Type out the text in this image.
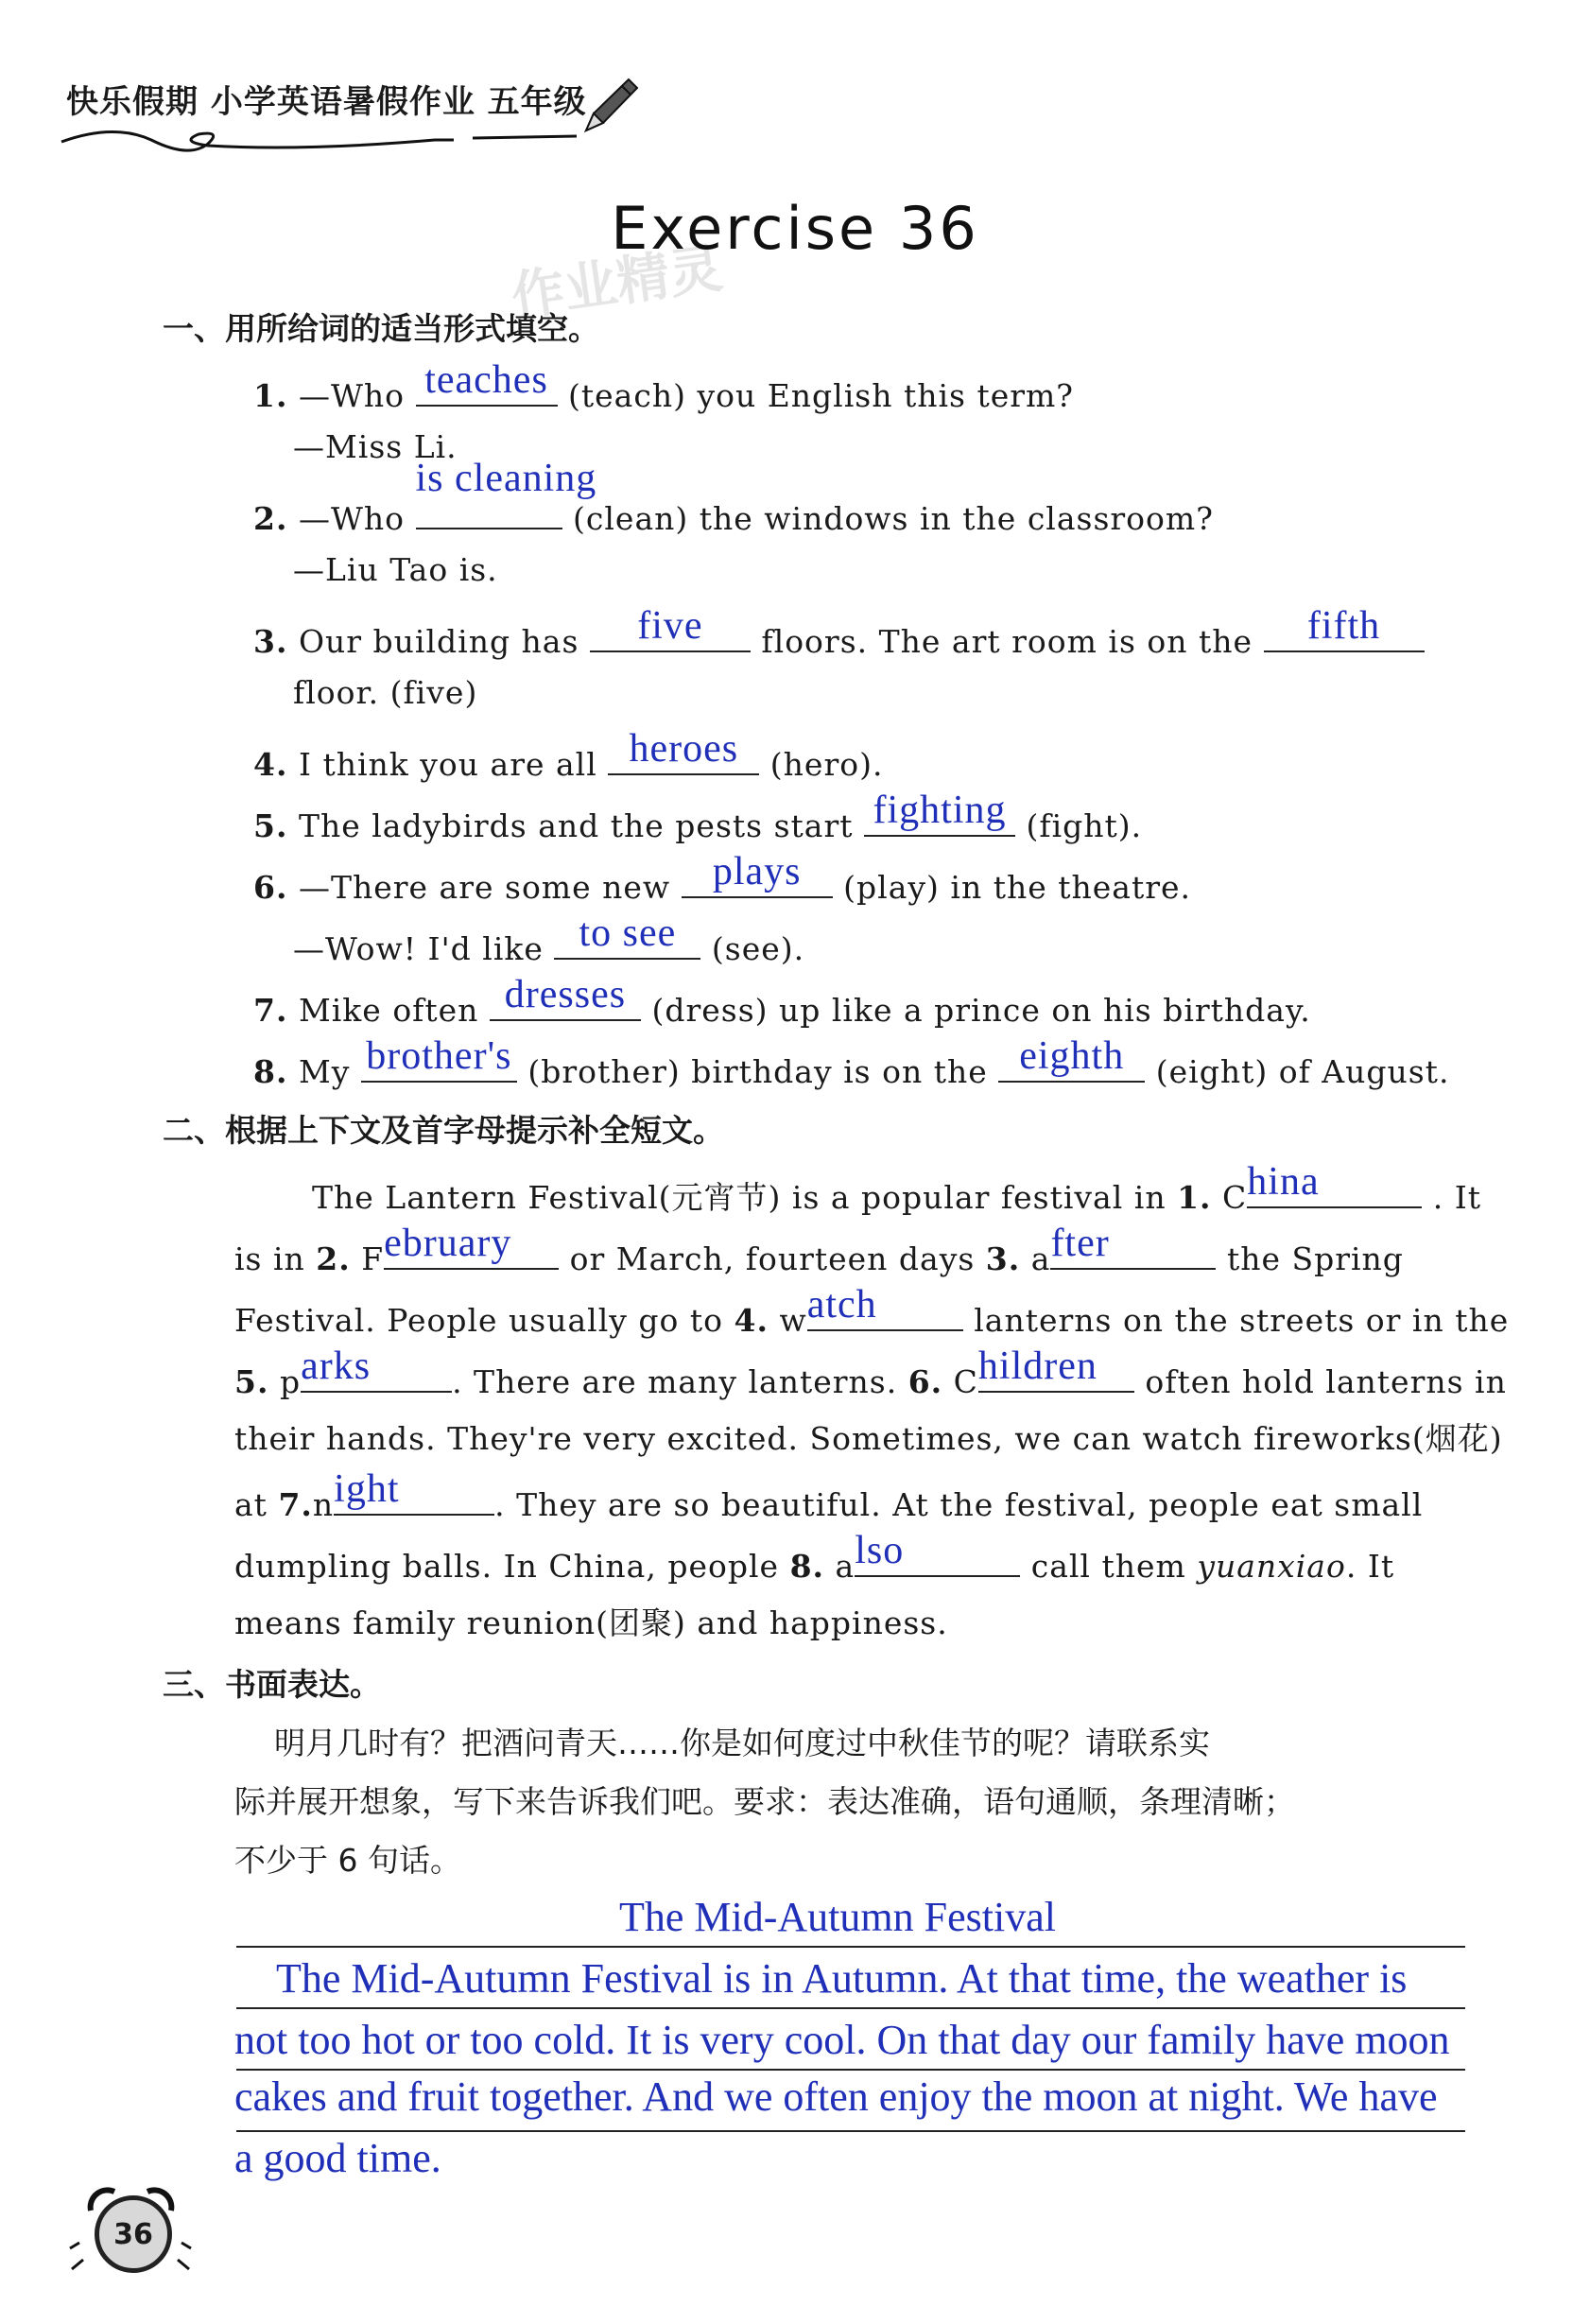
快乐假期 小学英语暑假作业 五年级
Exercise 36
作业精灵
一、用所给词的适当形式填空。
1. —Who teaches (teach) you English this term?
—Miss Li.
2. —Who
is cleaning
(clean) the windows in the classroom?
—Liu Tao is.
3. Our building has	five	floors. The art room is on the	fifth
floor. (five)
4. I think you are all heroes	(hero).
5. The ladybirds and the pests start fighting (fight).
6. —There are some new	plays	(play) in the theatre.
—Wow! I'd like to see	(see).
7. Mike often dresses (dress) up like a prince on his birthday.
8. My brother's (brother) birthday is on the eighth	(eight) of August.
二、根据上下文及首字母提示补全短文。
The Lantern Festival(元宵节) is a popular festival in 1. C hina	. It
is in 2. F ebruary	or March, fourteen days 3. a fter	the Spring
Festival. People usually go to 4. w atch	lanterns on the streets or in the
5. p arks	. There are many lanterns. 6. C hildren	often hold lanterns in
their hands. They're very excited. Sometimes, we can watch fireworks(烟花)
at 7.n ight	. They are so beautiful. At the festival, people eat small
dumpling balls. In China, people 8. a lso	call them yuanxiao. It
means family reunion(团聚) and happiness.
三、书面表达。
明月几时有？把酒问青天……你是如何度过中秋佳节的呢？请联系实
际并展开想象，写下来告诉我们吧。要求：表达准确，语句通顺，条理清晰；
不少于 6 句话。
The Mid-Autumn Festival
The Mid-Autumn Festival is in Autumn. At that time, the weather is
not too hot or too cold. It is very cool. On that day our family have moon
cakes and fruit together. And we often enjoy the moon at night. We have
a good time.
36
